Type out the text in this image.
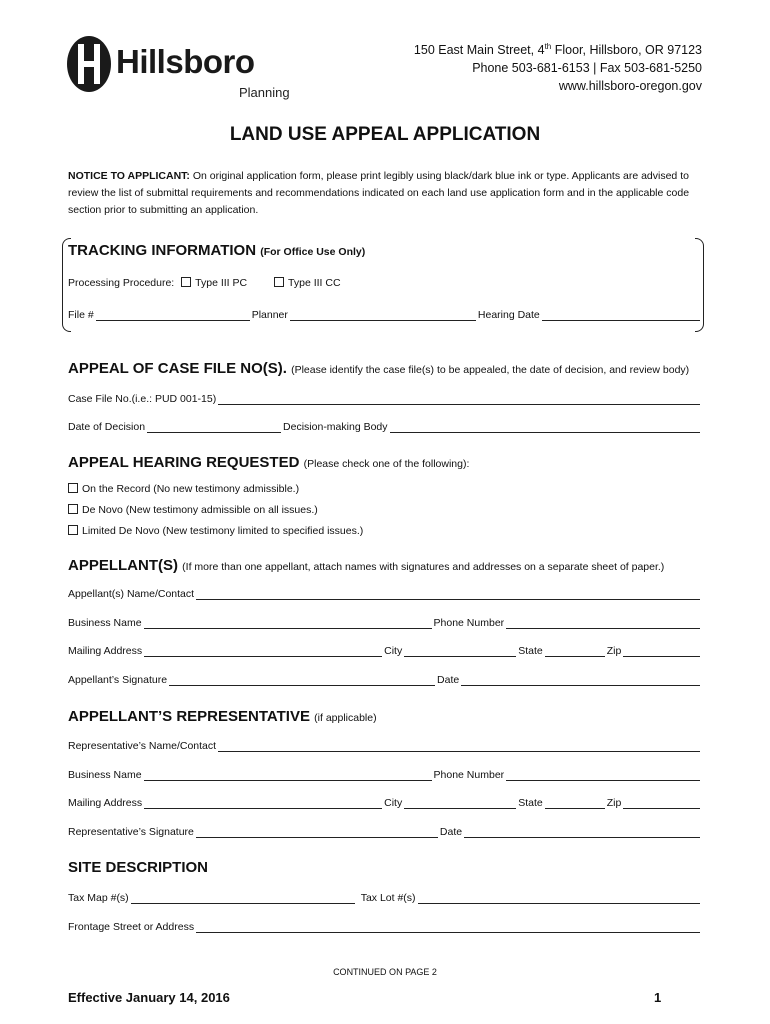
Hillsboro
Planning
150 East Main Street, 4th Floor, Hillsboro, OR 97123
Phone 503-681-6153 | Fax 503-681-5250
www.hillsboro-oregon.gov
LAND USE APPEAL APPLICATION
NOTICE TO APPLICANT: On original application form, please print legibly using black/dark blue ink or type. Applicants are advised to review the list of submittal requirements and recommendations indicated on each land use application form and in the applicable code section prior to submitting an application.
TRACKING INFORMATION (For Office Use Only)
Processing Procedure: Type III PC	Type III CC
File #	Planner	Hearing Date
APPEAL OF CASE FILE NO(S). (Please identify the case file(s) to be appealed, the date of decision, and review body)
Case File No.(i.e.: PUD 001-15)
Date of Decision	Decision-making Body
APPEAL HEARING REQUESTED (Please check one of the following):
On the Record (No new testimony admissible.)
De Novo (New testimony admissible on all issues.)
Limited De Novo (New testimony limited to specified issues.)
APPELLANT(S) (If more than one appellant, attach names with signatures and addresses on a separate sheet of paper.)
Appellant(s) Name/Contact
Business Name	Phone Number
Mailing Address	City	State	Zip
Appellant’s Signature	Date
APPELLANT’S REPRESENTATIVE (if applicable)
Representative’s Name/Contact
Business Name	Phone Number
Mailing Address	City	State	Zip
Representative’s Signature	Date
SITE DESCRIPTION
Tax Map #(s)	Tax Lot #(s)
Frontage Street or Address
CONTINUED ON PAGE 2
Effective January 14, 2016	1
